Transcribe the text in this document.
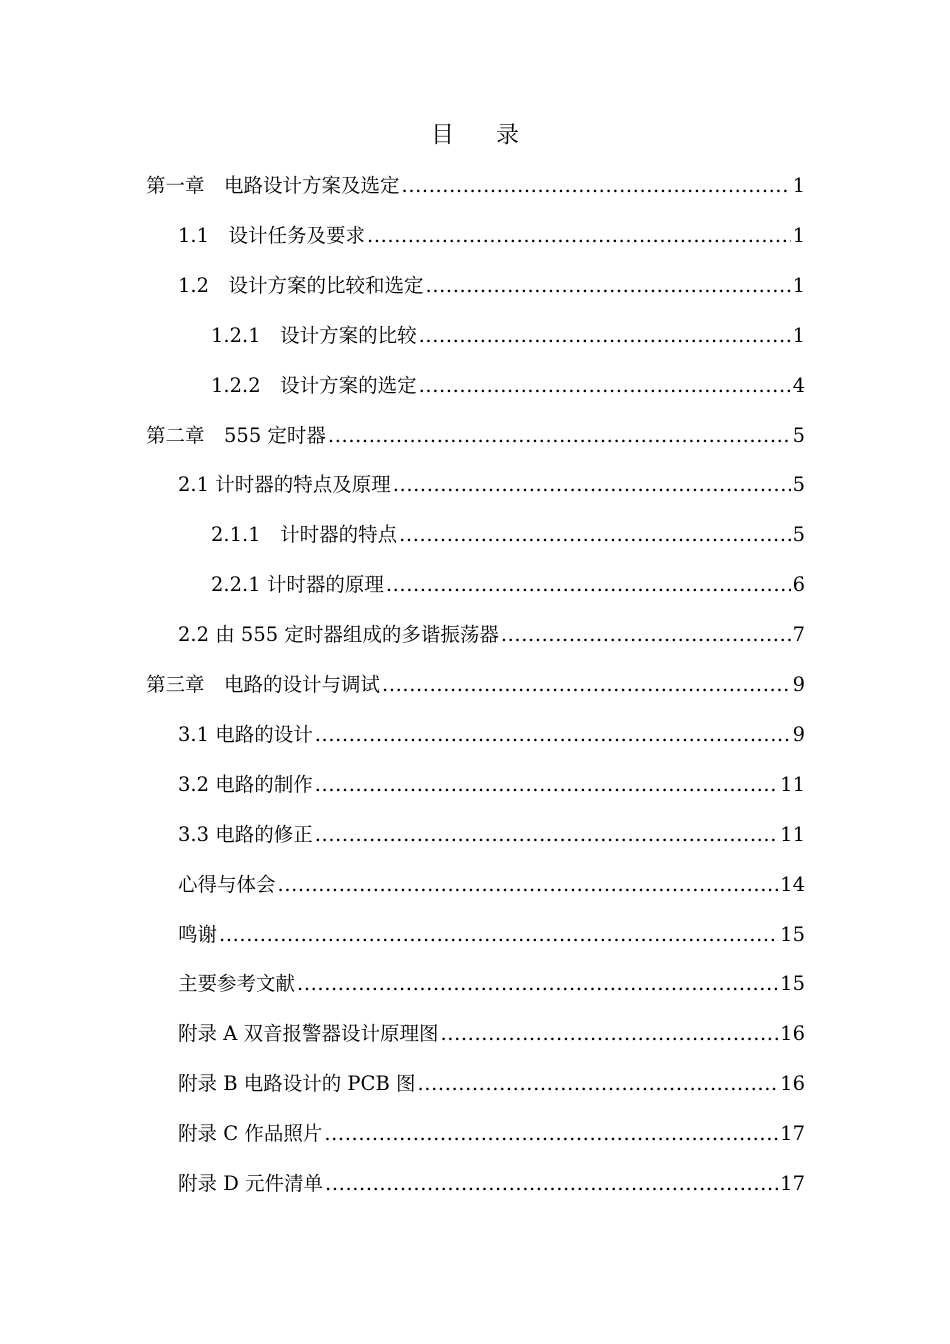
目 录
第一章　电路设计方案及选定 .....	1
1.1　设计任务及要求 .....	1
1.2　设计方案的比较和选定 .....	1
1.2.1　设计方案的比较 .....	1
1.2.2　设计方案的选定 .....	4
第二章　555 定时器 .....	5
2.1 计时器的特点及原理 .....	5
2.1.1　计时器的特点 .....	5
2.2.1 计时器的原理 .....	6
2.2 由 555 定时器组成的多谐振荡器 .....	7
第三章　电路的设计与调试 .....	9
3.1 电路的设计 .....	9
3.2 电路的制作 .....	11
3.3 电路的修正 .....	11
心得与体会 .....	14
鸣谢 .....	15
主要参考文献 .....	15
附录 A 双音报警器设计原理图 .....	16
附录 B 电路设计的 PCB 图 .....	16
附录 C 作品照片 .....	17
附录 D 元件清单 .....	17
